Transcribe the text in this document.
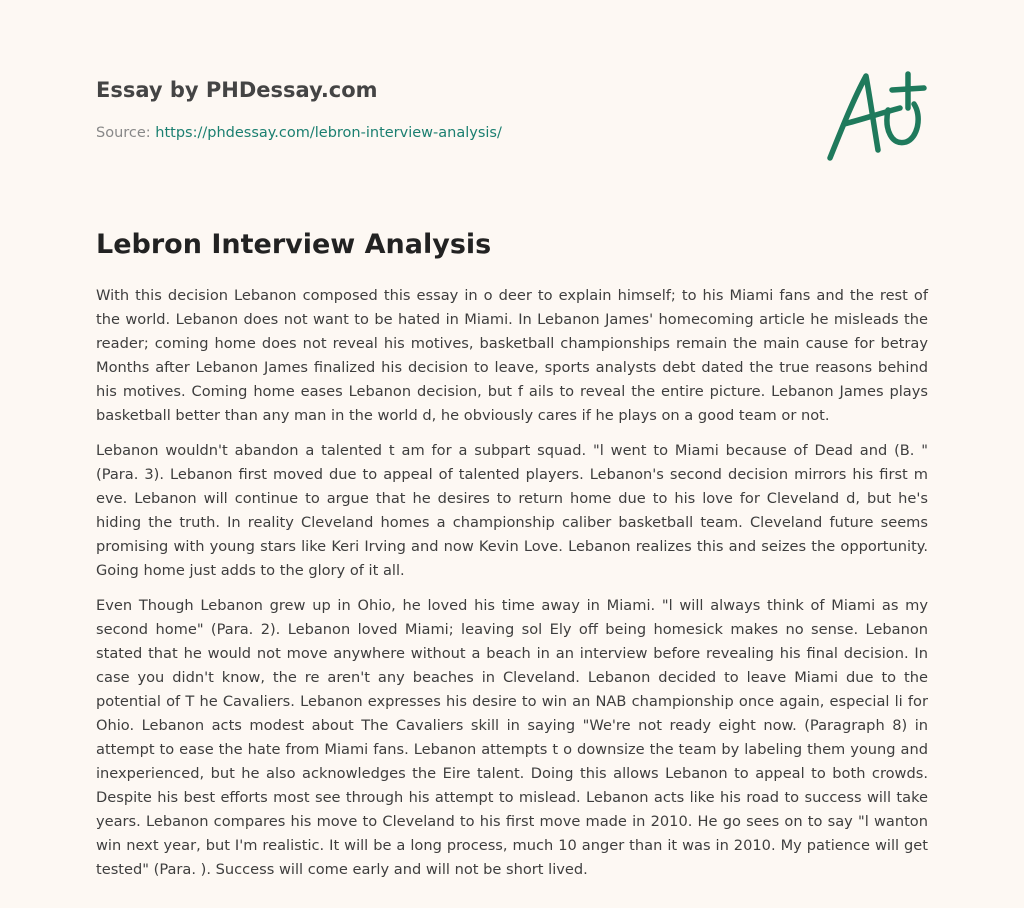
Essay by PHDessay.com
Source: https://phdessay.com/lebron-interview-analysis/
Lebron Interview Analysis

With this decision Lebanon composed this essay in o deer to explain himself; to his Miami fans and the rest of the world. Lebanon does not want to be hated in Miami. In Lebanon James' homecoming article he misleads the reader; coming home does not reveal his motives, basketball championships remain the main cause for betray Months after Lebanon James finalized his decision to leave, sports analysts debt dated the true reasons behind his motives. Coming home eases Lebanon decision, but f ails to reveal the entire picture. Lebanon James plays basketball better than any man in the world d, he obviously cares if he plays on a good team or not.

Lebanon wouldn't abandon a talented t am for a subpart squad. "l went to Miami because of Dead and (B. " (Para. 3). Lebanon first moved due to appeal of talented players. Lebanon's second decision mirrors his first m eve. Lebanon will continue to argue that he desires to return home due to his love for Cleveland d, but he's hiding the truth. In reality Cleveland homes a championship caliber basketball team. Cleveland future seems promising with young stars like Keri Irving and now Kevin Love. Lebanon realizes this and seizes the opportunity. Going home just adds to the glory of it all.

Even Though Lebanon grew up in Ohio, he loved his time away in Miami. "l will always think of Miami as my second home" (Para. 2). Lebanon loved Miami; leaving sol Ely off being homesick makes no sense. Lebanon stated that he would not move anywhere without a beach in an interview before revealing his final decision. In case you didn't know, the re aren't any beaches in Cleveland. Lebanon decided to leave Miami due to the potential of T he Cavaliers. Lebanon expresses his desire to win an NAB championship once again, especial li for Ohio. Lebanon acts modest about The Cavaliers skill in saying "We're not ready eight now. (Paragraph 8) in attempt to ease the hate from Miami fans. Lebanon attempts t o downsize the team by labeling them young and inexperienced, but he also acknowledges the Eire talent. Doing this allows Lebanon to appeal to both crowds. Despite his best efforts most see through his attempt to mislead. Lebanon acts like his road to success will take years. Lebanon compares his move to Cleveland to his first move made in 2010. He go sees on to say "l wanton win next year, but I'm realistic. It will be a long process, much 10 anger than it was in 2010. My patience will get tested" (Para. ). Success will come early and will not be short lived.
